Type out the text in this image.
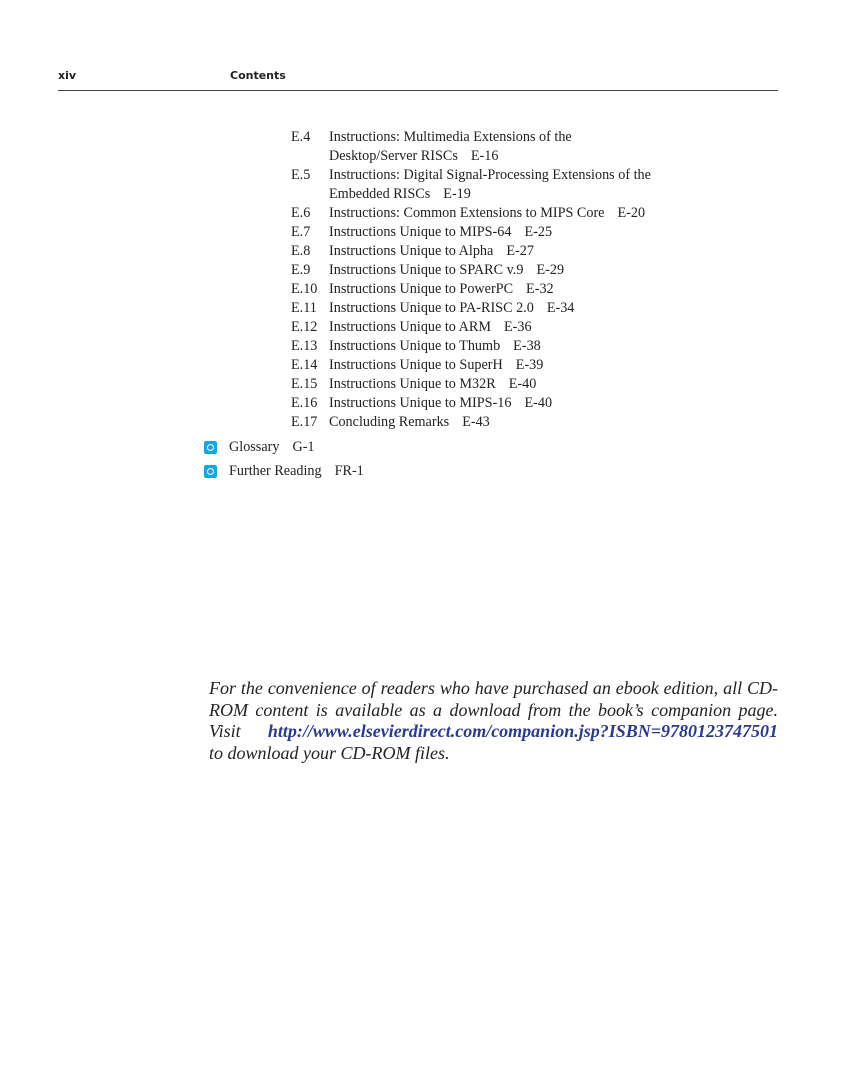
xiv	Contents
E.4 Instructions: Multimedia Extensions of the
Desktop/Server RISCs E-16
E.5 Instructions: Digital Signal-Processing Extensions of the
Embedded RISCs E-19
E.6 Instructions: Common Extensions to MIPS Core E-20
E.7 Instructions Unique to MIPS-64 E-25
E.8 Instructions Unique to Alpha E-27
E.9 Instructions Unique to SPARC v.9 E-29
E.10 Instructions Unique to PowerPC E-32
E.11 Instructions Unique to PA-RISC 2.0 E-34
E.12 Instructions Unique to ARM E-36
E.13 Instructions Unique to Thumb E-38
E.14 Instructions Unique to SuperH E-39
E.15 Instructions Unique to M32R E-40
E.16 Instructions Unique to MIPS-16 E-40
E.17 Concluding Remarks E-43
Glossary G-1
Further Reading FR-1

For the convenience of readers who have purchased an ebook edition, all CD-ROM content is available as a download from the book’s companion page. Visit http://www.elsevierdirect.com/companion.jsp?ISBN=9780123747501 to download your CD-ROM files.
